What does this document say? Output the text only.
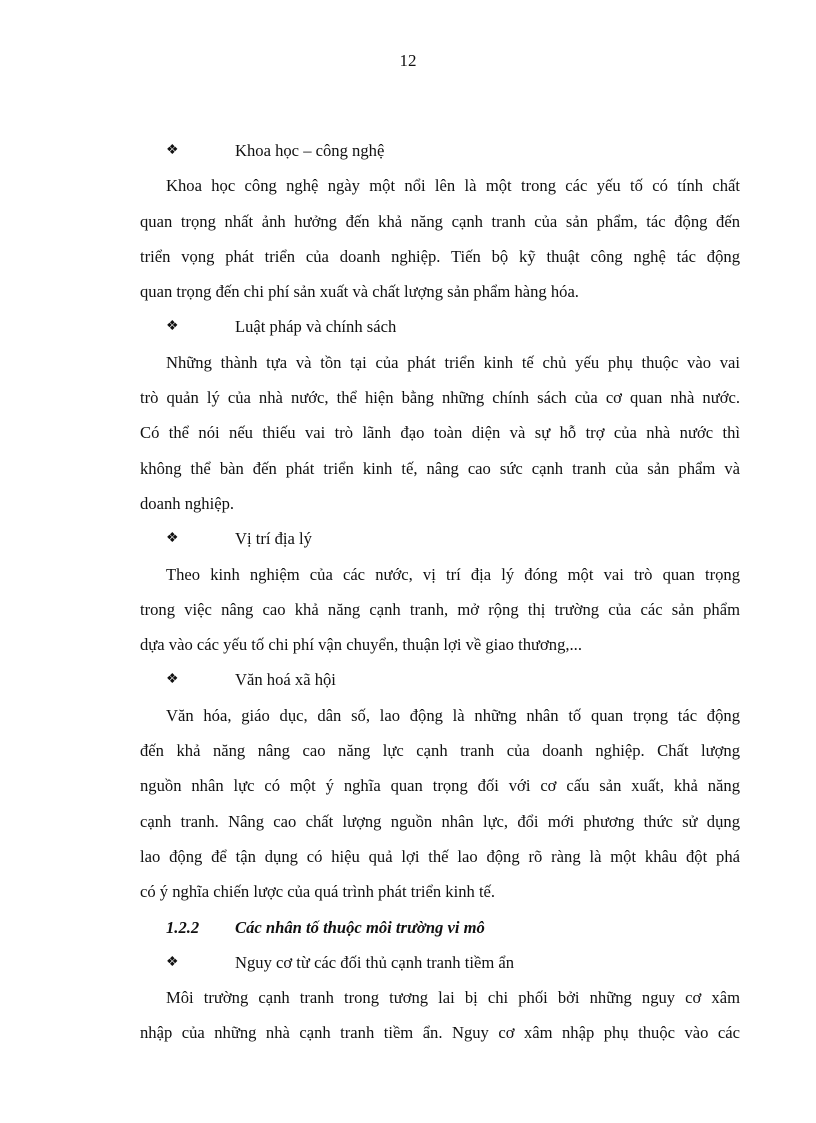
12
❖	Khoa học – công nghệ
Khoa học công nghệ ngày một nổi lên là một trong các yếu tố có tính chất
quan trọng nhất ảnh hưởng đến khả năng cạnh tranh của sản phẩm, tác động đến
triển vọng phát triển của doanh nghiệp. Tiến bộ kỹ thuật công nghệ tác động
quan trọng đến chi phí sản xuất và chất lượng sản phẩm hàng hóa.
❖	Luật pháp và chính sách
Những thành tựa và tồn tại của phát triển kinh tế chủ yếu phụ thuộc vào vai
trò quản lý của nhà nước, thể hiện bằng những chính sách của cơ quan nhà nước.
Có thể nói nếu thiếu vai trò lãnh đạo toàn diện và sự hỗ trợ của nhà nước thì
không thể bàn đến phát triển kinh tế, nâng cao sức cạnh tranh của sản phẩm và
doanh nghiệp.
❖	Vị trí địa lý
Theo kinh nghiệm của các nước, vị trí địa lý đóng một vai trò quan trọng
trong việc nâng cao khả năng cạnh tranh, mở rộng thị trường của các sản phẩm
dựa vào các yếu tố chi phí vận chuyển, thuận lợi về giao thương,...
❖	Văn hoá xã hội
Văn hóa, giáo dục, dân số, lao động là những nhân tố quan trọng tác động
đến khả năng nâng cao năng lực cạnh tranh của doanh nghiệp. Chất lượng
nguồn nhân lực có một ý nghĩa quan trọng đối với cơ cấu sản xuất, khả năng
cạnh tranh. Nâng cao chất lượng nguồn nhân lực, đổi mới phương thức sử dụng
lao động để tận dụng có hiệu quả lợi thế lao động rõ ràng là một khâu đột phá
có ý nghĩa chiến lược của quá trình phát triển kinh tế.
1.2.2 Các nhân tố thuộc môi trường vi mô
❖	Nguy cơ từ các đối thủ cạnh tranh tiềm ẩn
Môi trường cạnh tranh trong tương lai bị chi phối bởi những nguy cơ xâm
nhập của những nhà cạnh tranh tiềm ẩn. Nguy cơ xâm nhập phụ thuộc vào các
